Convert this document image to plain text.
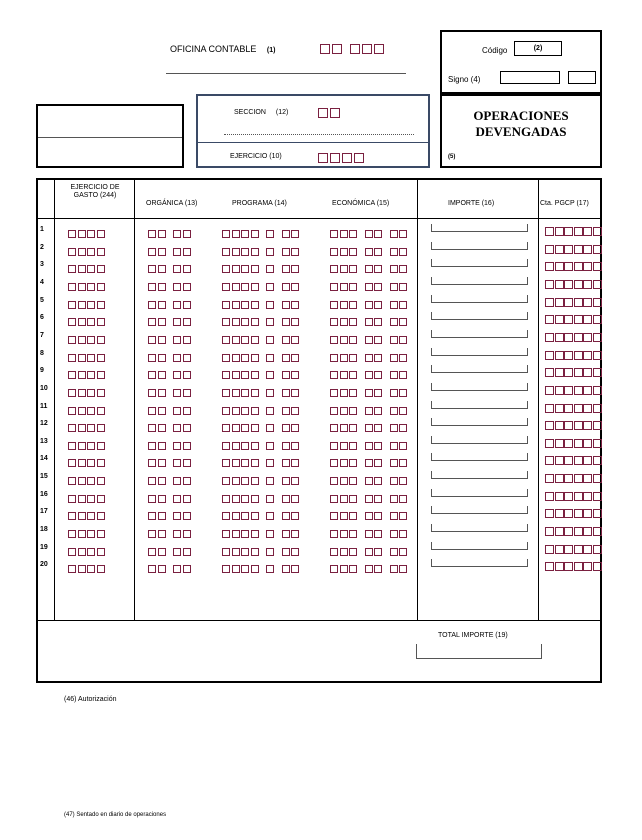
OFICINA CONTABLE (1)	Código	(2)
Signo (4)
OPERACIONES
DEVENGADAS
(5)
SECCION (12)
EJERCICIO (10)
EJERCICIO DE GASTO (244)
ORGÁNICA (13)	PROGRAMA (14)	ECONÓMICA (15)	IMPORTE (16)	Cta. PGCP (17)
TOTAL IMPORTE (19)
1
2
3
4
5
6
7
8
9
10
11
12
13
14
15
16
17
18
19
20
(46) Autorización
(47) Sentado en diario de operaciones
